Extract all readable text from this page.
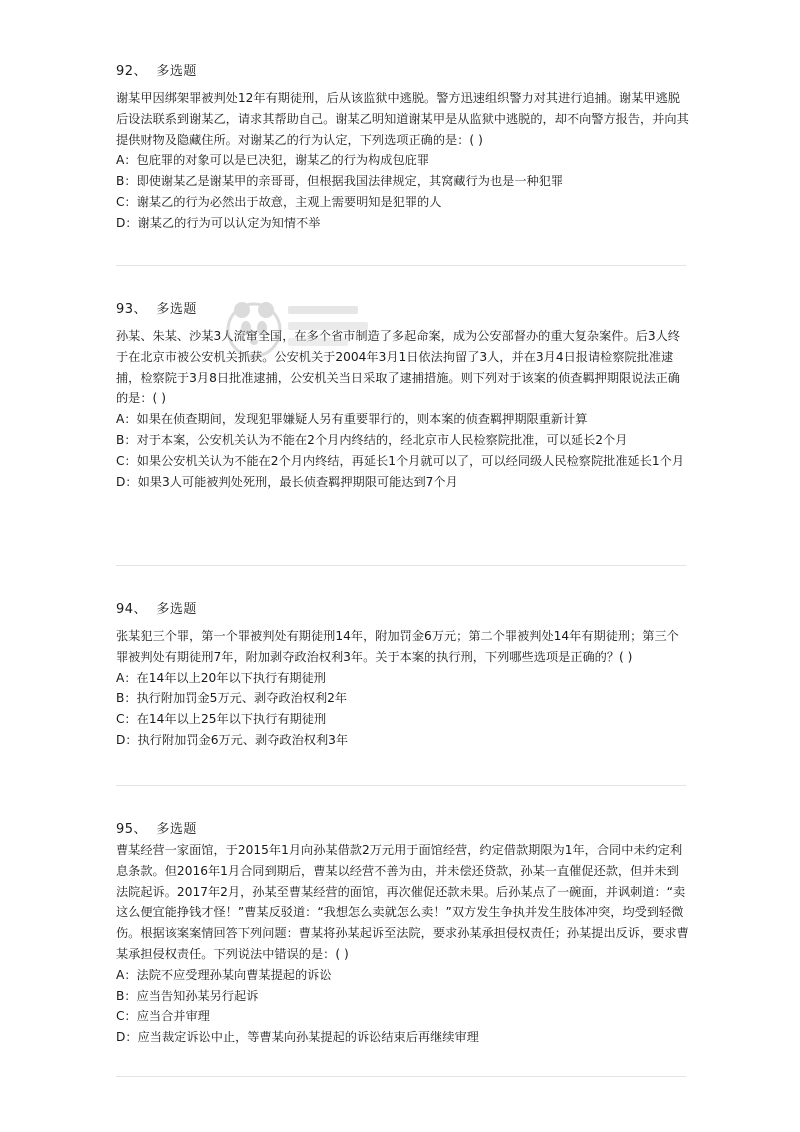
92、 多选题
谢某甲因绑架罪被判处12年有期徒刑，后从该监狱中逃脱。警方迅速组织警力对其进行追捕。谢某甲逃脱后设法联系到谢某乙，请求其帮助自己。谢某乙明知道谢某甲是从监狱中逃脱的，却不向警方报告，并向其提供财物及隐藏住所。对谢某乙的行为认定，下列选项正确的是：( )
A： 包庇罪的对象可以是已决犯，谢某乙的行为构成包庇罪
B： 即使谢某乙是谢某甲的亲哥哥，但根据我国法律规定，其窝藏行为也是一种犯罪
C： 谢某乙的行为必然出于故意，主观上需要明知是犯罪的人
D： 谢某乙的行为可以认定为知情不举
93、 多选题
孙某、朱某、沙某3人流窜全国，在多个省市制造了多起命案，成为公安部督办的重大复杂案件。后3人终于在北京市被公安机关抓获。公安机关于2004年3月1日依法拘留了3人，并在3月4日报请检察院批准逮捕，检察院于3月8日批准逮捕，公安机关当日采取了逮捕措施。则下列对于该案的侦查羁押期限说法正确的是：( )
A： 如果在侦查期间，发现犯罪嫌疑人另有重要罪行的，则本案的侦查羁押期限重新计算
B： 对于本案，公安机关认为不能在2个月内终结的，经北京市人民检察院批准，可以延长2个月
C： 如果公安机关认为不能在2个月内终结，再延长1个月就可以了，可以经同级人民检察院批准延长1个月
D： 如果3人可能被判处死刑，最长侦查羁押期限可能达到7个月
94、 多选题
张某犯三个罪，第一个罪被判处有期徒刑14年，附加罚金6万元；第二个罪被判处14年有期徒刑；第三个罪被判处有期徒刑7年，附加剥夺政治权利3年。关于本案的执行刑，下列哪些选项是正确的？( )
A： 在14年以上20年以下执行有期徒刑
B： 执行附加罚金5万元、剥夺政治权利2年
C： 在14年以上25年以下执行有期徒刑
D： 执行附加罚金6万元、剥夺政治权利3年
95、 多选题
曹某经营一家面馆，于2015年1月向孙某借款2万元用于面馆经营，约定借款期限为1年，合同中未约定利息条款。但2016年1月合同到期后，曹某以经营不善为由，并未偿还贷款，孙某一直催促还款，但并未到法院起诉。2017年2月，孙某至曹某经营的面馆，再次催促还款未果。后孙某点了一碗面，并讽刺道：“卖这么便宜能挣钱才怪！”曹某反驳道：“我想怎么卖就怎么卖！”双方发生争执并发生肢体冲突，均受到轻微伤。根据该案案情回答下列问题：曹某将孙某起诉至法院，要求孙某承担侵权责任；孙某提出反诉，要求曹某承担侵权责任。下列说法中错误的是：( )
A： 法院不应受理孙某向曹某提起的诉讼
B： 应当告知孙某另行起诉
C： 应当合并审理
D： 应当裁定诉讼中止，等曹某向孙某提起的诉讼结束后再继续审理
